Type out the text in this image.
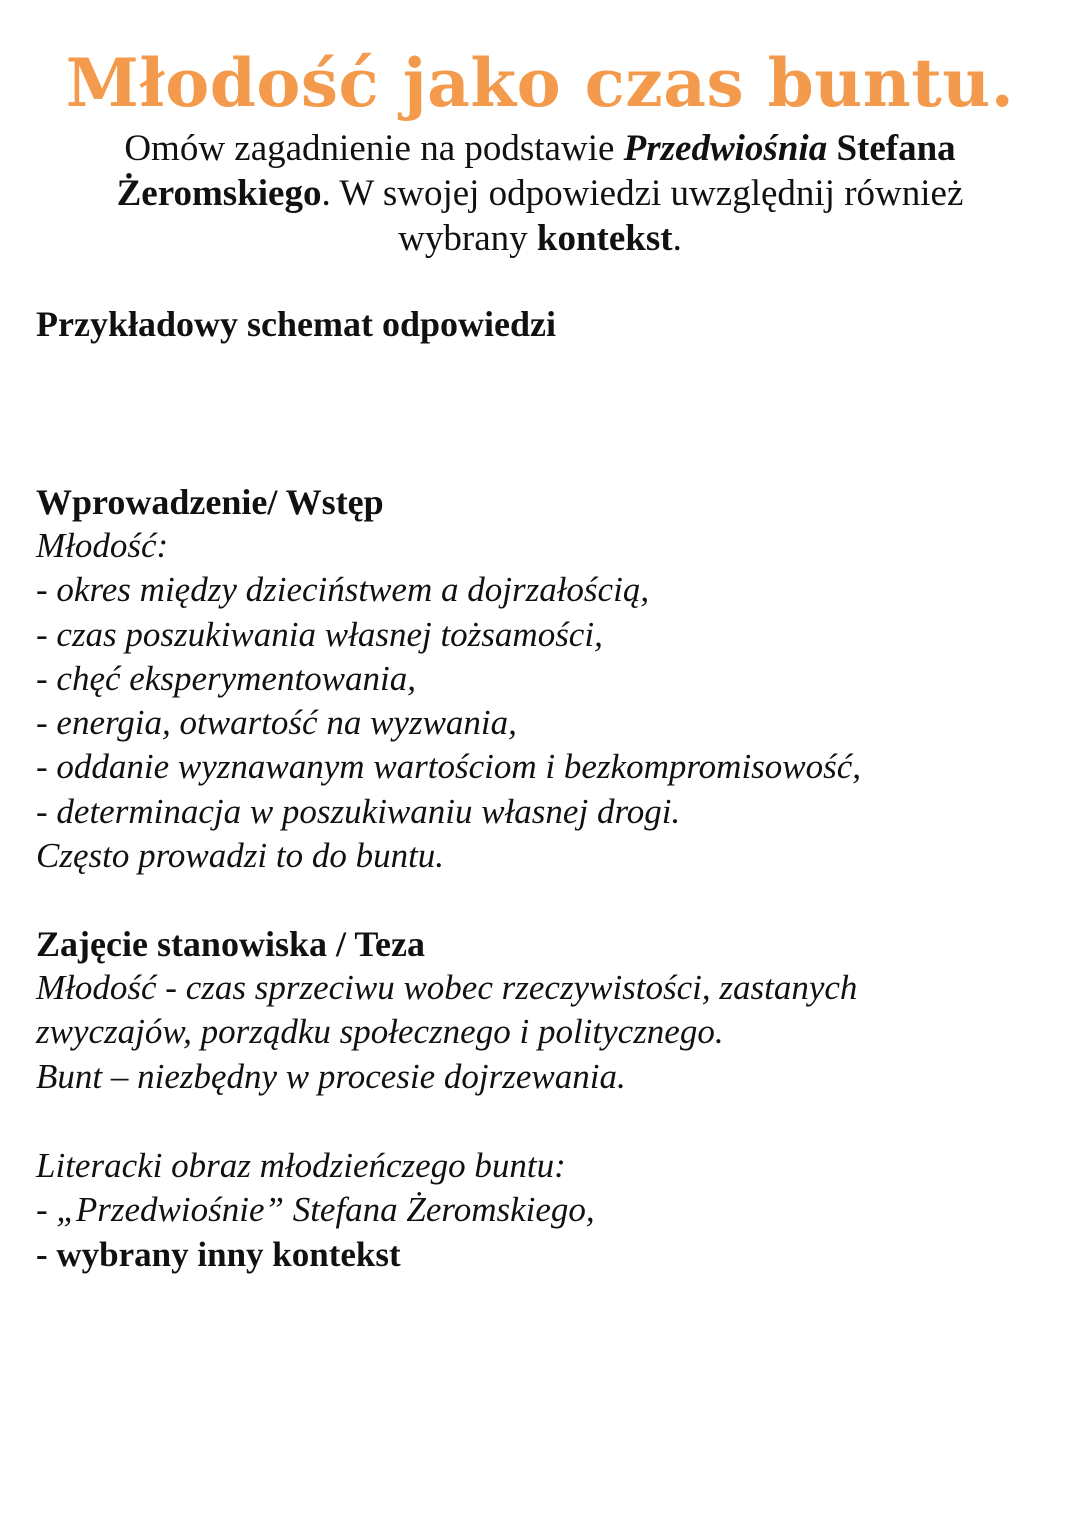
Młodość jako czas buntu.
Omów zagadnienie na podstawie Przedwiośnia Stefana
Żeromskiego. W swojej odpowiedzi uwzględnij również wybrany kontekst.
Przykładowy schemat odpowiedzi
Wprowadzenie/ Wstęp
Młodość:
- okres między dzieciństwem a dojrzałością,
- czas poszukiwania własnej tożsamości,
- chęć eksperymentowania,
- energia, otwartość na wyzwania,
- oddanie wyznawanym wartościom i bezkompromisowość,
- determinacja w poszukiwaniu własnej drogi.
Często prowadzi to do buntu.
Zajęcie stanowiska / Teza
Młodość - czas sprzeciwu wobec rzeczywistości, zastanych
zwyczajów, porządku społecznego i politycznego.
Bunt – niezbędny w procesie dojrzewania.
Literacki obraz młodzieńczego buntu:
- „Przedwiośnie” Stefana Żeromskiego,
- wybrany inny kontekst
